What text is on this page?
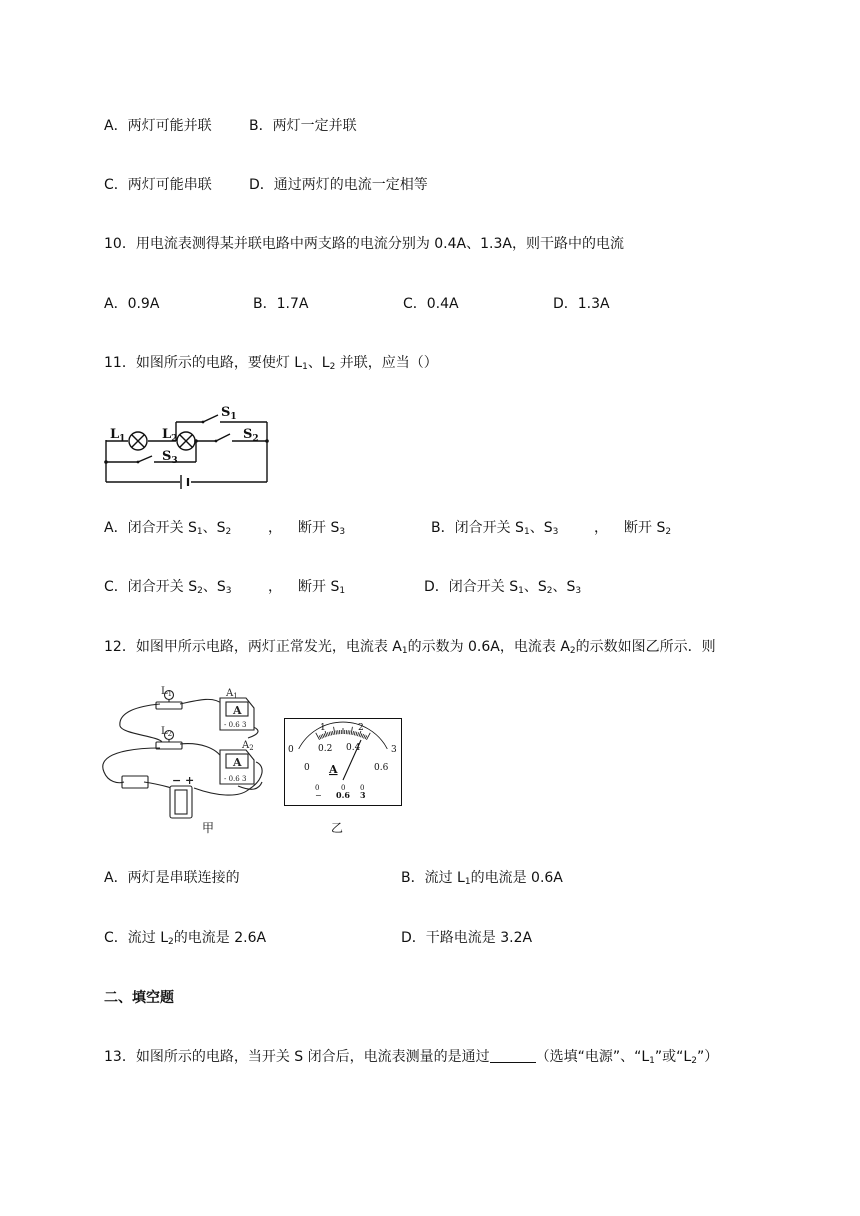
A．两灯可能并联	B．两灯一定并联
C．两灯可能串联	D．通过两灯的电流一定相等
10．用电流表测得某并联电路中两支路的电流分别为 0.4A、1.3A，则干路中的电流
A．0.9A	B．1.7A	C．0.4A	D．1.3A
11．如图所示的电路，要使灯 $L_1$、$L_2$ 并联，应当（）
$L_1$	$L_2$
$S_1$
$S_2$
$S_3$
A．闭合开关 $S_1$、$S_2$	， 断开 $S_3$	B．闭合开关 $S_1$、$S_3$	， 断开 $S_2$
C．闭合开关 $S_2$、$S_3$	， 断开 $S_1$	D．闭合开关 $S_1$、$S_2$、$S_3$
12．如图甲所示电路，两灯正常发光，电流表 $A_1$的示数为 0.6A，电流表 $A_2$的示数如图乙所示．则
$L_1$
$L_2$
$A_1$
$A_2$
A
A
- 0.6 3
- 0.6 3
− +
0
1	2
3
0
0.2 0.4
0.6
A
0
−
0
0.6
0
3
甲	乙
A．两灯是串联连接的	B．流过 $L_1$的电流是 0.6A
C．流过 $L_2$的电流是 2.6A	D．干路电流是 3.2A
二、填空题
13．如图所示的电路，当开关 S 闭合后，电流表测量的是通过	（选填“电源”、“$L_1$”或“$L_2$”）
